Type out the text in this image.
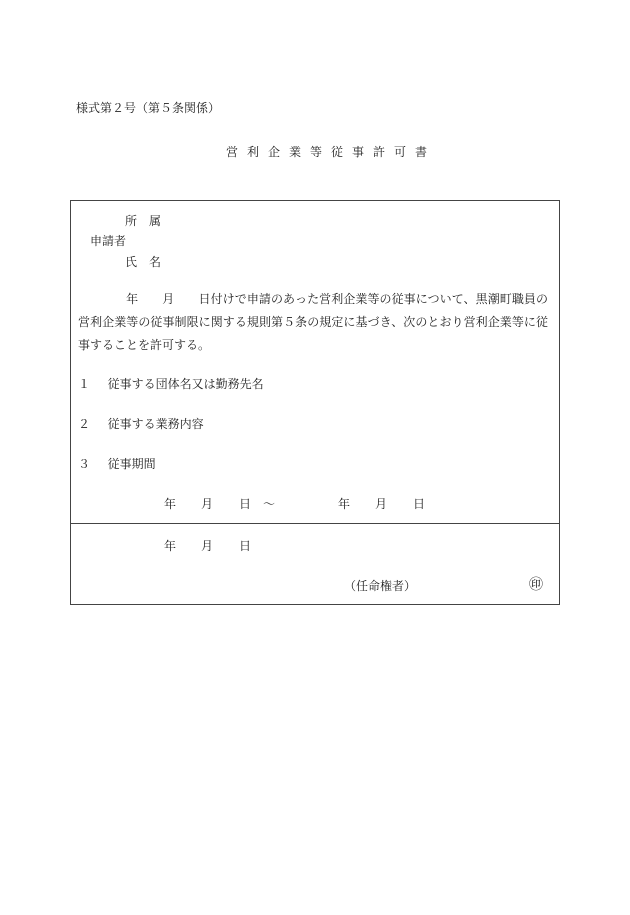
様式第２号（第５条関係）
営利企業等従事許可書
所　属
申請者
氏　名
年　　月　　日付けで申請のあった営利企業等の従事について、黒潮町職員の営利企業等の従事制限に関する規則第５条の規定に基づき、次のとおり営利企業等に従事することを許可する。
１ 従事する団体名又は勤務先名
２ 従事する業務内容
３ 従事期間
年 月 日 ～	年 月 日
年 月 日
（任命権者）	㊞
